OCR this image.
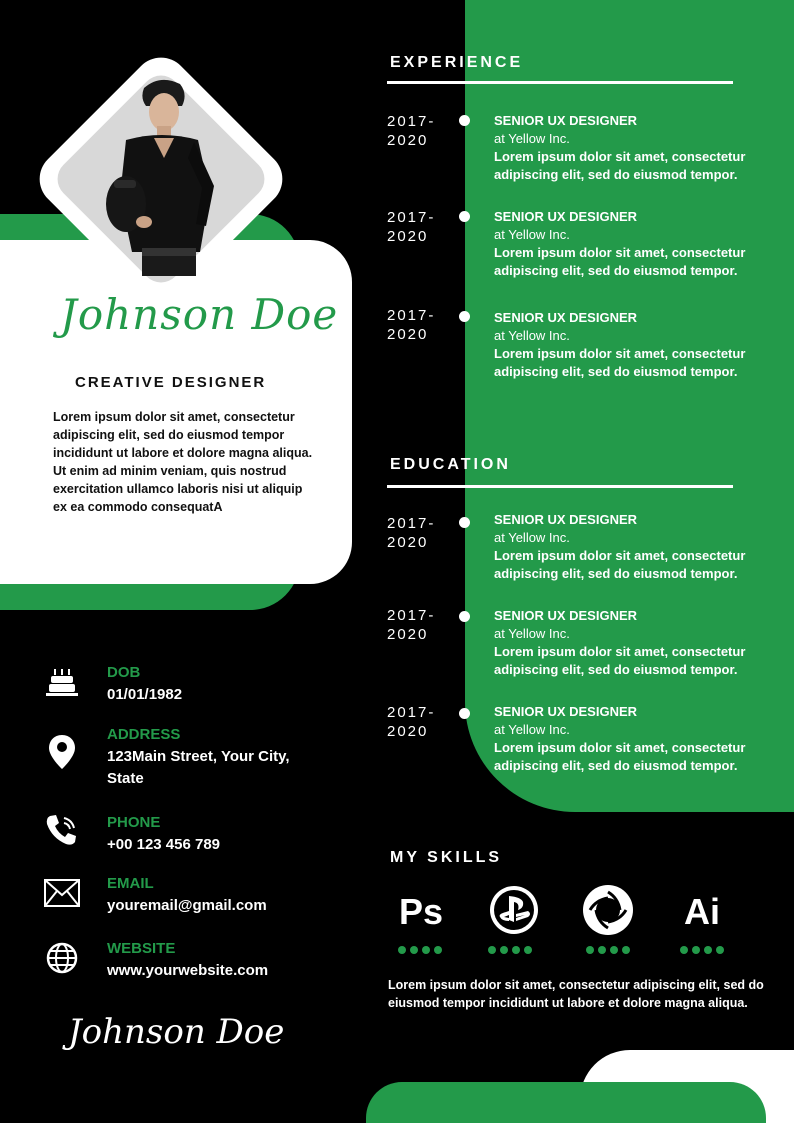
Johnson Doe
CREATIVE DESIGNER
Lorem ipsum dolor sit amet, consectetur adipiscing elit, sed do eiusmod tempor incididunt ut labore et dolore magna aliqua. Ut enim ad minim veniam, quis nostrud exercitation ullamco laboris nisi ut aliquip ex ea commodo consequatA
DOB
01/01/1982
ADDRESS
123Main Street, Your City, State
PHONE
+00 123 456 789
EMAIL
youremail@gmail.com
WEBSITE
www.yourwebsite.com
Johnson Doe
EXPERIENCE
2017-
2020
SENIOR UX DESIGNER
at Yellow Inc.
Lorem ipsum dolor sit amet, consectetur adipiscing elit, sed do eiusmod tempor.
2017-
2020
SENIOR UX DESIGNER
at Yellow Inc.
Lorem ipsum dolor sit amet, consectetur adipiscing elit, sed do eiusmod tempor.
2017-
2020
SENIOR UX DESIGNER
at Yellow Inc.
Lorem ipsum dolor sit amet, consectetur adipiscing elit, sed do eiusmod tempor.
EDUCATION
2017-
2020
SENIOR UX DESIGNER
at Yellow Inc.
Lorem ipsum dolor sit amet, consectetur adipiscing elit, sed do eiusmod tempor.
2017-
2020
SENIOR UX DESIGNER
at Yellow Inc.
Lorem ipsum dolor sit amet, consectetur adipiscing elit, sed do eiusmod tempor.
2017-
2020
SENIOR UX DESIGNER
at Yellow Inc.
Lorem ipsum dolor sit amet, consectetur adipiscing elit, sed do eiusmod tempor.
MY SKILLS
Ps	Ai
Lorem ipsum dolor sit amet, consectetur adipiscing elit, sed do eiusmod tempor incididunt ut labore et dolore magna aliqua.
